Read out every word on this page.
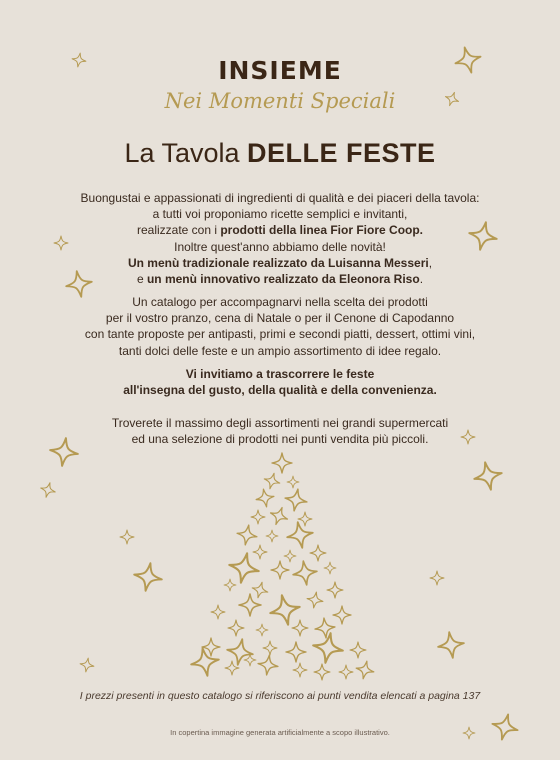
INSIEME
Nei Momenti Speciali
La Tavola DELLE FESTE
Buongustai e appassionati di ingredienti di qualità e dei piaceri della tavola:
a tutti voi proponiamo ricette semplici e invitanti,
realizzate con i prodotti della linea Fior Fiore Coop.
Inoltre quest'anno abbiamo delle novità!
Un menù tradizionale realizzato da Luisanna Messeri,
e un menù innovativo realizzato da Eleonora Riso.
Un catalogo per accompagnarvi nella scelta dei prodotti
per il vostro pranzo, cena di Natale o per il Cenone di Capodanno
con tante proposte per antipasti, primi e secondi piatti, dessert, ottimi vini,
tanti dolci delle feste e un ampio assortimento di idee regalo.
Vi invitiamo a trascorrere le feste
all'insegna del gusto, della qualità e della convenienza.
Troverete il massimo degli assortimenti nei grandi supermercati
ed una selezione di prodotti nei punti vendita più piccoli.
I prezzi presenti in questo catalogo si riferiscono ai punti vendita elencati a pagina 137
In copertina immagine generata artificialmente a scopo illustrativo.
